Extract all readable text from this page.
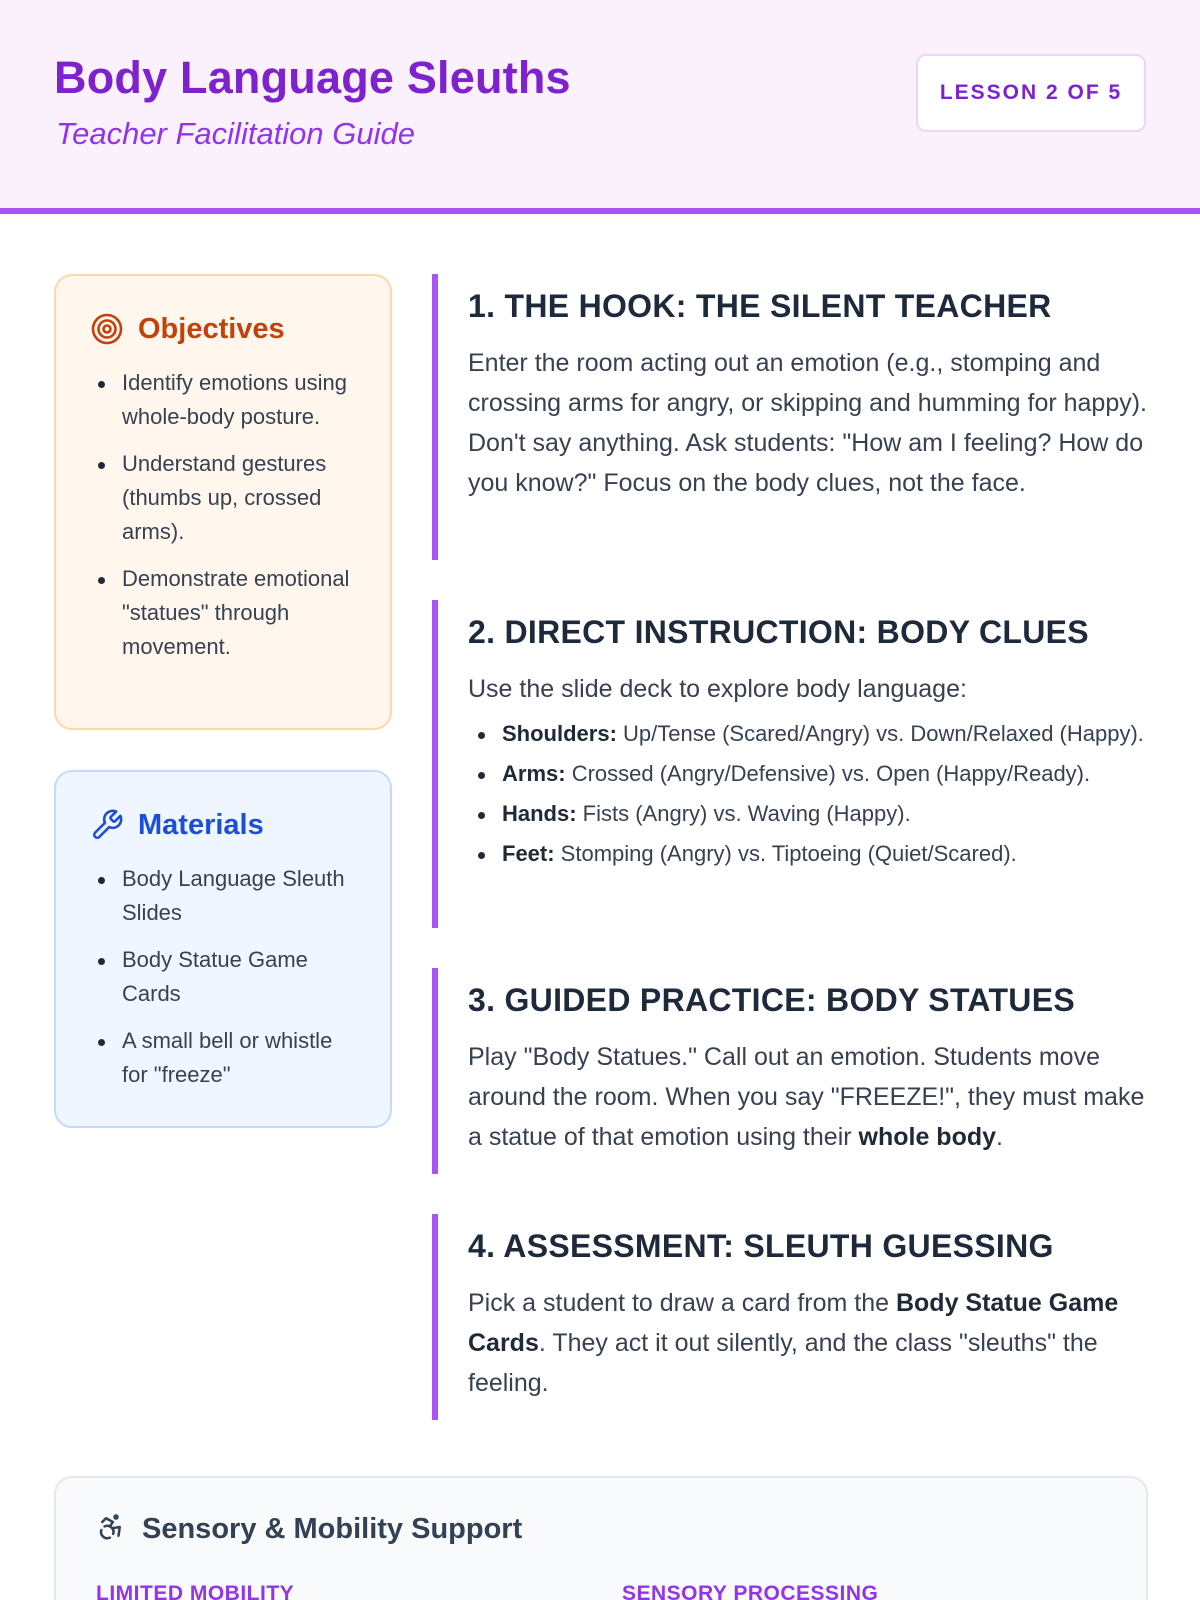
Body Language Sleuths
Teacher Facilitation Guide
LESSON 2 OF 5
Objectives
Identify emotions using whole-body posture.
Understand gestures (thumbs up, crossed arms).
Demonstrate emotional "statues" through movement.
Materials
Body Language Sleuth Slides
Body Statue Game Cards
A small bell or whistle for "freeze"
1. THE HOOK: THE SILENT TEACHER

Enter the room acting out an emotion (e.g., stomping and crossing arms for angry, or skipping and humming for happy). Don't say anything. Ask students: "How am I feeling? How do you know?" Focus on the body clues, not the face.

2. DIRECT INSTRUCTION: BODY CLUES

Use the slide deck to explore body language:

Shoulders: Up/Tense (Scared/Angry) vs. Down/Relaxed (Happy).
Arms: Crossed (Angry/Defensive) vs. Open (Happy/Ready).
Hands: Fists (Angry) vs. Waving (Happy).
Feet: Stomping (Angry) vs. Tiptoeing (Quiet/Scared).
3. GUIDED PRACTICE: BODY STATUES

Play "Body Statues." Call out an emotion. Students move around the room. When you say "FREEZE!", they must make a statue of that emotion using their whole body.

4. ASSESSMENT: SLEUTH GUESSING

Pick a student to draw a card from the Body Statue Game Cards. They act it out silently, and the class "sleuths" the feeling.

Sensory & Mobility Support
LIMITED MOBILITY	SENSORY PROCESSING
